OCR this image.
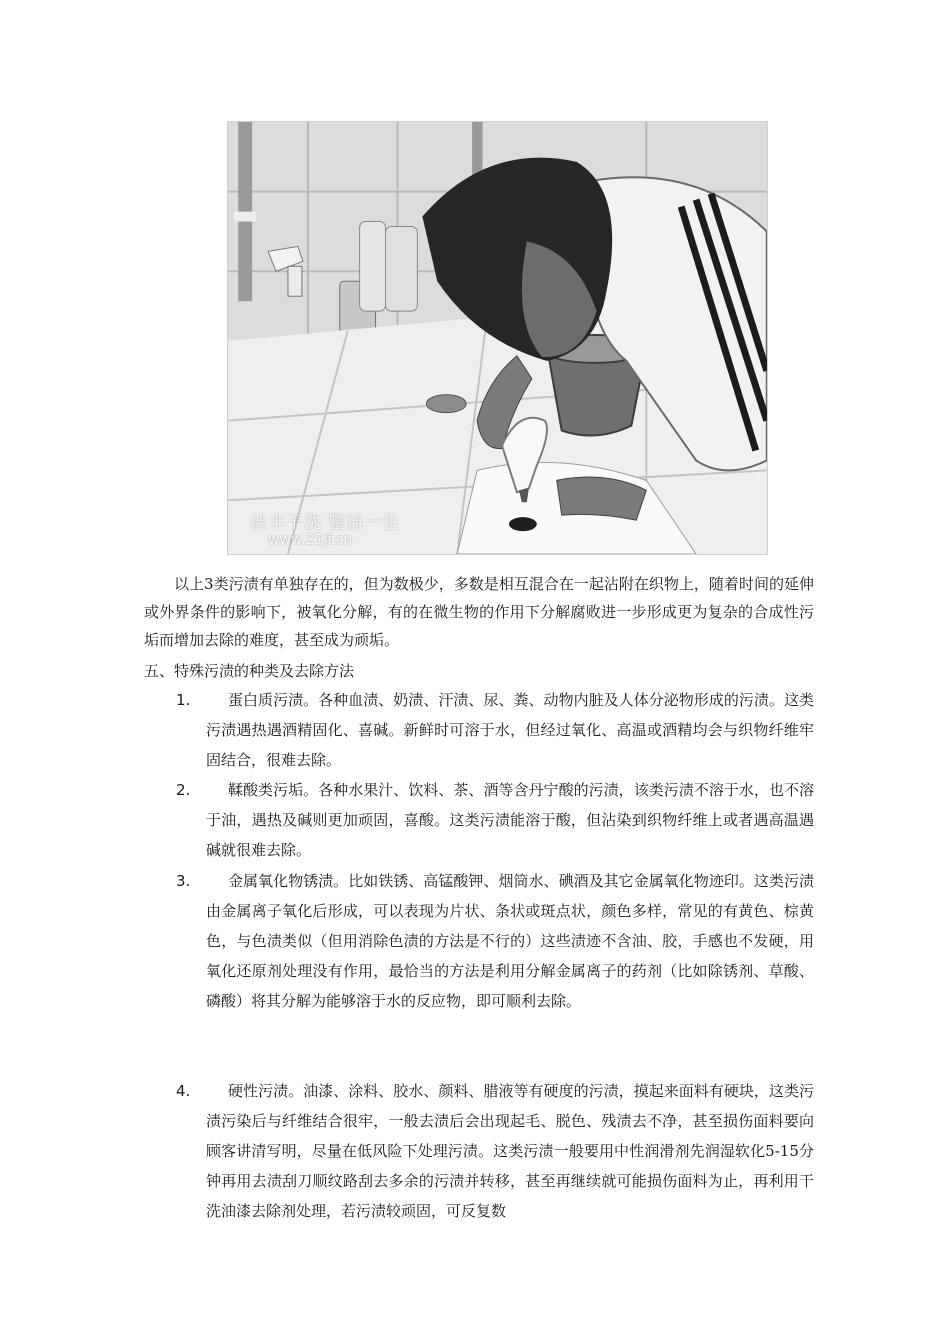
洁丰干洗 整洁一生
www.21jf.cn

以上3类污渍有单独存在的，但为数极少，多数是相互混合在一起沾附在织物上，随着时间的延伸或外界条件的影响下，被氧化分解，有的在微生物的作用下分解腐败进一步形成更为复杂的合成性污垢而增加去除的难度，甚至成为顽垢。

五、特殊污渍的种类及去除方法

1.	蛋白质污渍。各种血渍、奶渍、汗渍、尿、粪、动物内脏及人体分泌物形成的污渍。这类污渍遇热遇酒精固化、喜碱。新鲜时可溶于水，但经过氧化、高温或酒精均会与织物纤维牢固结合，很难去除。

2.	鞣酸类污垢。各种水果汁、饮料、茶、酒等含丹宁酸的污渍，该类污渍不溶于水，也不溶于油，遇热及碱则更加顽固，喜酸。这类污渍能溶于酸，但沾染到织物纤维上或者遇高温遇碱就很难去除。

3.	金属氧化物锈渍。比如铁锈、高锰酸钾、烟筒水、碘酒及其它金属氧化物迹印。这类污渍由金属离子氧化后形成，可以表现为片状、条状或斑点状，颜色多样，常见的有黄色、棕黄色，与色渍类似（但用消除色渍的方法是不行的）这些渍迹不含油、胶，手感也不发硬，用氧化还原剂处理没有作用，最恰当的方法是利用分解金属离子的药剂（比如除锈剂、草酸、磷酸）将其分解为能够溶于水的反应物，即可顺利去除。

4.	硬性污渍。油漆、涂料、胶水、颜料、腊液等有硬度的污渍，摸起来面料有硬块，这类污渍污染后与纤维结合很牢，一般去渍后会出现起毛、脱色、残渍去不净，甚至损伤面料要向顾客讲清写明，尽量在低风险下处理污渍。这类污渍一般要用中性润滑剂先润湿软化5-15分钟再用去渍刮刀顺纹路刮去多余的污渍并转移，甚至再继续就可能损伤面料为止，再利用干洗油漆去除剂处理，若污渍较顽固，可反复数
